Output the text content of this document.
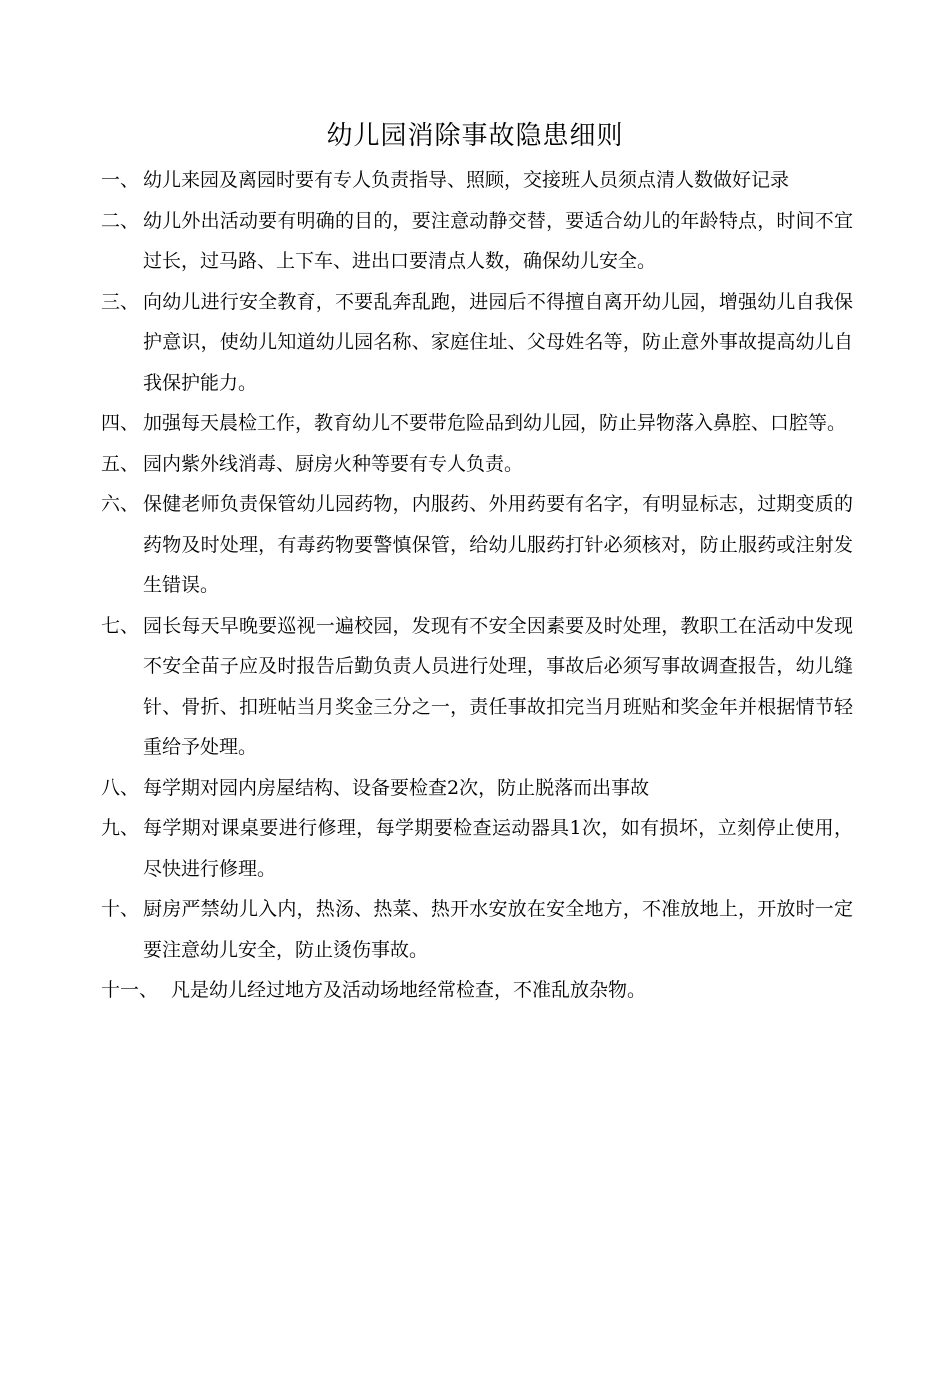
幼儿园消除事故隐患细则
一、 幼儿来园及离园时要有专人负责指导、照顾，交接班人员须点清人数做好记录
二、 幼儿外出活动要有明确的目的，要注意动静交替，要适合幼儿的年龄特点，时间不宜过长，过马路、上下车、进出口要清点人数，确保幼儿安全。
三、 向幼儿进行安全教育，不要乱奔乱跑，进园后不得擅自离开幼儿园，增强幼儿自我保护意识，使幼儿知道幼儿园名称、家庭住址、父母姓名等，防止意外事故提高幼儿自我保护能力。
四、 加强每天晨检工作，教育幼儿不要带危险品到幼儿园，防止异物落入鼻腔、口腔等。
五、 园内紫外线消毒、厨房火种等要有专人负责。
六、 保健老师负责保管幼儿园药物，内服药、外用药要有名字，有明显标志，过期变质的药物及时处理，有毒药物要警慎保管，给幼儿服药打针必须核对，防止服药或注射发生错误。
七、 园长每天早晚要巡视一遍校园，发现有不安全因素要及时处理，教职工在活动中发现不安全苗子应及时报告后勤负责人员进行处理，事故后必须写事故调查报告，幼儿缝针、骨折、扣班帖当月奖金三分之一，责任事故扣完当月班贴和奖金年并根据情节轻重给予处理。
八、 每学期对园内房屋结构、设备要检查2次，防止脱落而出事故
九、 每学期对课桌要进行修理，每学期要检查运动器具1次，如有损坏，立刻停止使用，尽快进行修理。
十、 厨房严禁幼儿入内，热汤、热菜、热开水安放在安全地方，不准放地上，开放时一定要注意幼儿安全，防止烫伤事故。
十一、 凡是幼儿经过地方及活动场地经常检查，不准乱放杂物。
